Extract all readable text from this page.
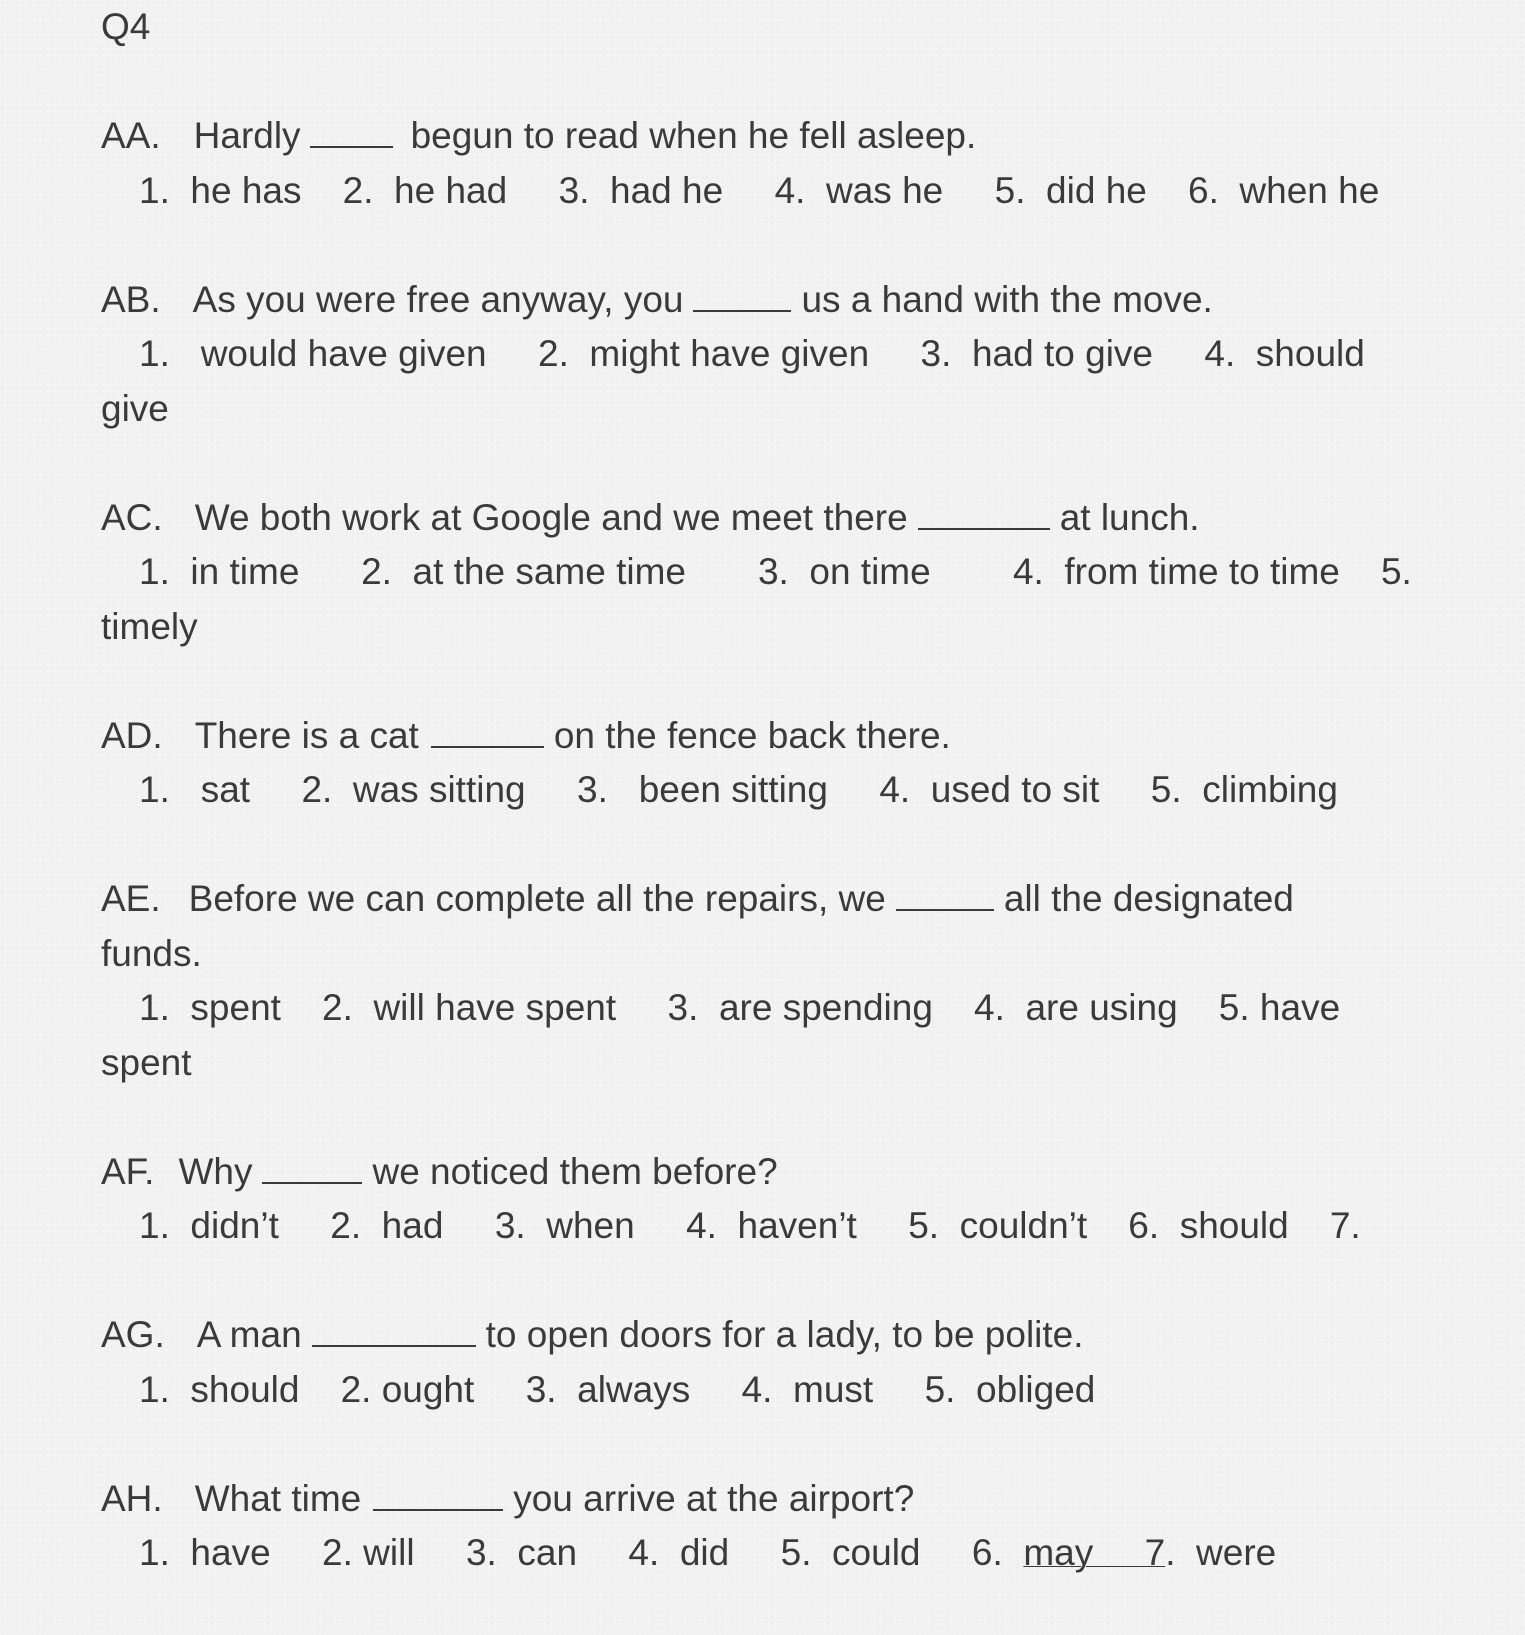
Q4
AA. Hardly	begun to read when he fell asleep.
1.  he has    2.  he had     3.  had he     4.  was he     5.  did he    6.  when he
AB. As you were free anyway, you	us a hand with the move.
1.   would have given     2.  might have given     3.  had to give     4.  should
give
AC. We both work at Google and we meet there	at lunch.
1.  in time      2.  at the same time       3.  on time        4.  from time to time    5.
timely
AD. There is a cat	on the fence back there.
1.   sat     2.  was sitting     3.   been sitting     4.  used to sit     5.  climbing
AE. Before we can complete all the repairs, we	all the designated
funds.
1.  spent    2.  will have spent     3.  are spending    4.  are using    5. have
spent
AF. Why	we noticed them before?
1.  didn’t     2.  had     3.  when     4.  haven’t     5.  couldn’t    6.  should    7.
AG. A man	to open doors for a lady, to be polite.
1.  should    2. ought     3.  always     4.  must     5.  obliged
AH. What time	you arrive at the airport?
1.  have     2. will     3.  can     4.  did     5.  could     6.  may     7.  were
